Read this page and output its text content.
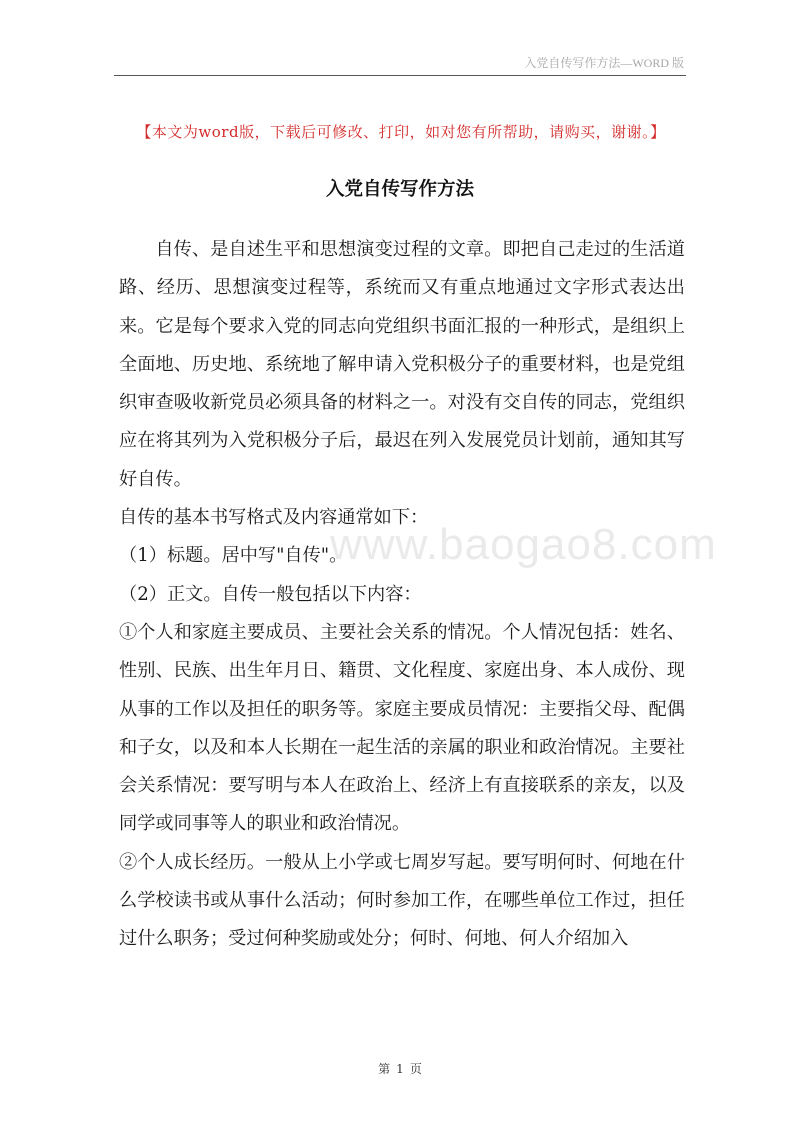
入党自传写作方法—WORD 版
【本文为word版，下载后可修改、打印，如对您有所帮助，请购买，谢谢。】
入党自传写作方法

自传、是自述生平和思想演变过程的文章。即把自己走过的生活道路、经历、思想演变过程等，系统而又有重点地通过文字形式表达出来。它是每个要求入党的同志向党组织书面汇报的一种形式，是组织上全面地、历史地、系统地了解申请入党积极分子的重要材料，也是党组织审查吸收新党员必须具备的材料之一。对没有交自传的同志，党组织应在将其列为入党积极分子后，最迟在列入发展党员计划前，通知其写好自传。

自传的基本书写格式及内容通常如下：

（1）标题。居中写"自传"。

（2）正文。自传一般包括以下内容：

①个人和家庭主要成员、主要社会关系的情况。个人情况包括：姓名、性别、民族、出生年月日、籍贯、文化程度、家庭出身、本人成份、现从事的工作以及担任的职务等。家庭主要成员情况：主要指父母、配偶和子女，以及和本人长期在一起生活的亲属的职业和政治情况。主要社会关系情况：要写明与本人在政治上、经济上有直接联系的亲友，以及同学或同事等人的职业和政治情况。

②个人成长经历。一般从上小学或七周岁写起。要写明何时、何地在什么学校读书或从事什么活动；何时参加工作，在哪些单位工作过，担任过什么职务；受过何种奖励或处分；何时、何地、何人介绍加入

www.baogao8.com
第 1 页
